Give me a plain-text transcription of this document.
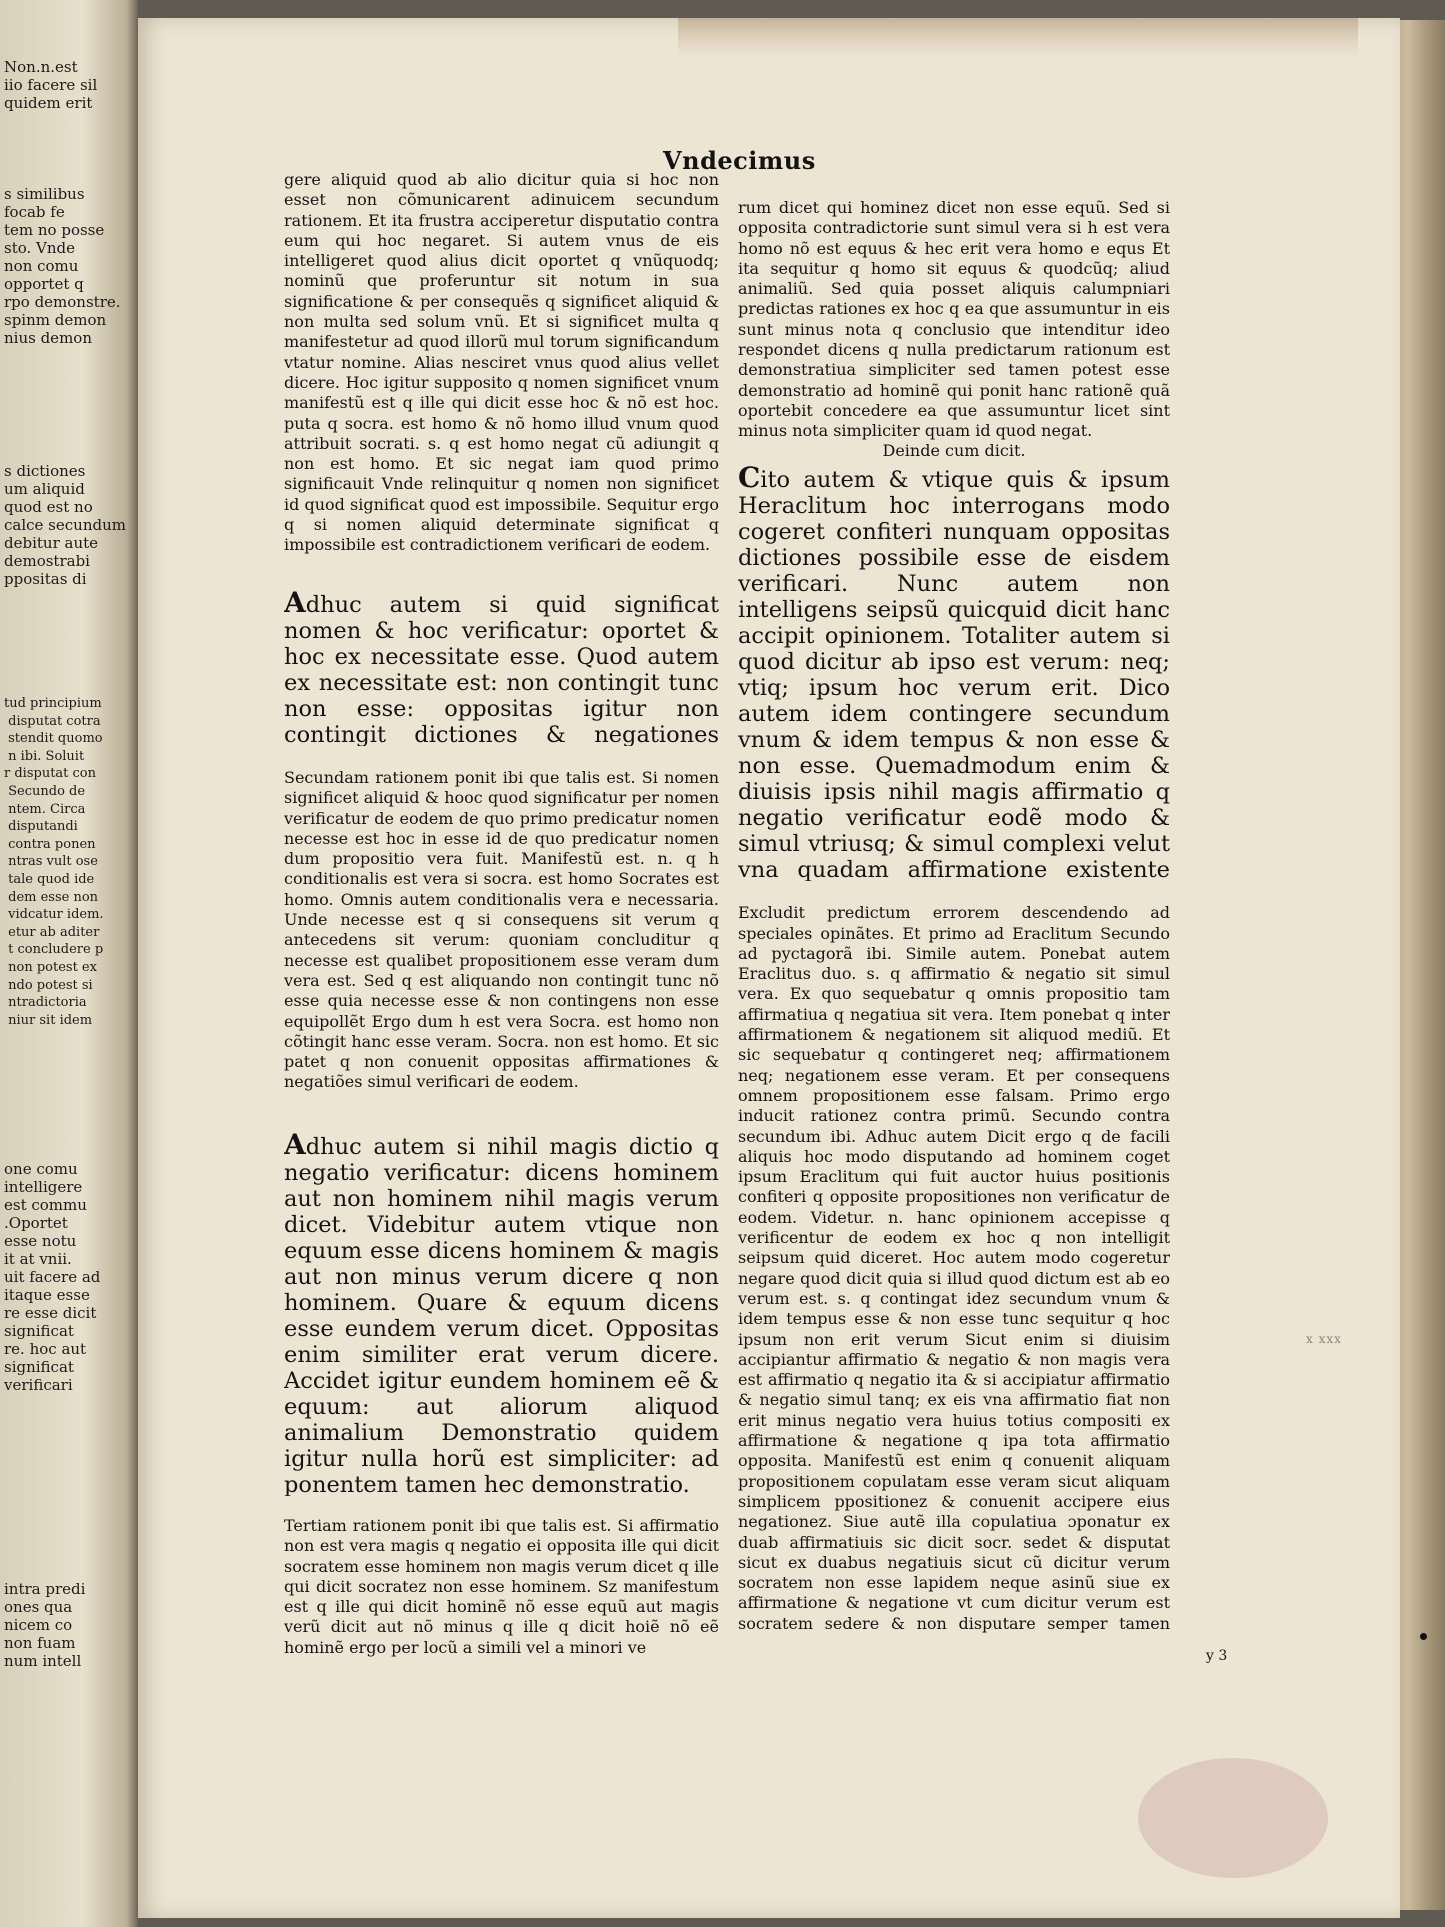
Non.n.est
iio facere sil
quidem erit
s similibus
focab fe
tem no posse
sto. Vnde
non comu
opportet q
rpo demonstre.
spinm demon
nius demon
s dictiones
um aliquid
quod est no
calce secundum
debitur aute
demostrabi
ppositas di
tud principium
disputat cotra
stendit quomo
n ibi. Soluit
r disputat con
Secundo de
ntem. Circa
disputandi
contra ponen
ntras vult ose
tale quod ide
dem esse non
vidcatur idem.
etur ab aditer
t concludere p
non potest ex
ndo potest si
ntradictoria
niur sit idem
one comu
intelligere
est commu
.Oportet
esse notu
it at vnii.
uit facere ad
itaque esse
re esse dicit
significat
re. hoc aut
significat
verificari
intra predi
ones qua
nicem co
non fuam
num intell
Vndecimus

gere aliquid quod ab alio dicitur quia si hoc non esset non cõmunicarent adinuicem secundum rationem. Et ita frustra acciperetur disputatio contra eum qui hoc negaret. Si autem vnus de eis intelligeret quod alius dicit oportet q vnũquodq; nominũ que proferuntur sit notum in sua significatione & per consequẽs q significet aliquid & non multa sed solum vnũ. Et si significet multa q manifestetur ad quod illorũ mul torum significandum vtatur nomine. Alias nesciret vnus quod alius vellet dicere. Hoc igitur supposito q nomen significet vnum manifestũ est q ille qui dicit esse hoc & nõ est hoc. puta q socra. est homo & nõ homo illud vnum quod attribuit socrati. s. q est homo negat cũ adiungit q non est homo. Et sic negat iam quod primo significauit Vnde relinquitur q nomen non significet id quod significat quod est impossibile. Sequitur ergo q si nomen aliquid determinate significat q impossibile est contradictionem verificari de eodem.

Adhuc autem si quid significat nomen & hoc verificatur: oportet & hoc ex necessitate esse. Quod autem ex necessitate est: non contingit tunc non esse: oppositas igitur non contingit dictiones & negationes

Secundam rationem ponit ibi que talis est. Si nomen significet aliquid & hooc quod significatur per nomen verificatur de eodem de quo primo predicatur nomen necesse est hoc in esse id de quo predicatur nomen dum propositio vera fuit. Manifestũ est. n. q h conditionalis est vera si socra. est homo Socrates est homo. Omnis autem conditionalis vera e necessaria. Unde necesse est q si consequens sit verum q antecedens sit verum: quoniam concluditur q necesse est qualibet propositionem esse veram dum vera est. Sed q est aliquando non contingit tunc nõ esse quia necesse esse & non contingens non esse equipollẽt Ergo dum h est vera Socra. est homo non cõtingit hanc esse veram. Socra. non est homo. Et sic patet q non conuenit oppositas affirmationes & negatiões simul verificari de eodem.

Adhuc autem si nihil magis dictio q negatio verificatur: dicens hominem aut non hominem nihil magis verum dicet. Videbitur autem vtique non equum esse dicens hominem & magis aut non minus verum dicere q non hominem. Quare & equum dicens esse eundem verum dicet. Oppositas enim similiter erat verum dicere. Accidet igitur eundem hominem eẽ & equum: aut aliorum aliquod animalium Demonstratio quidem igitur nulla horũ est simpliciter: ad ponentem tamen hec demonstratio.

Tertiam rationem ponit ibi que talis est. Si affirmatio non est vera magis q negatio ei opposita ille qui dicit socratem esse hominem non magis verum dicet q ille qui dicit socratez non esse hominem. Sz manifestum est q ille qui dicit hominẽ nõ esse equũ aut magis verũ dicit aut nõ minus q ille q dicit hoiẽ nõ eẽ hominẽ ergo per locũ a simili vel a minori ve

rum dicet qui hominez dicet non esse equũ. Sed si opposita contradictorie sunt simul vera si h est vera homo nõ est equus & hec erit vera homo e equs Et ita sequitur q homo sit equus & quodcũq; aliud animaliũ. Sed quia posset aliquis calumpniari predictas rationes ex hoc q ea que assumuntur in eis sunt minus nota q conclusio que intenditur ideo respondet dicens q nulla predictarum rationum est demonstratiua simpliciter sed tamen potest esse demonstratio ad hominẽ qui ponit hanc rationẽ quã oportebit concedere ea que assumuntur licet sint minus nota simpliciter quam id quod negat.

Deinde cum dicit.

Cito autem & vtique quis & ipsum Heraclitum hoc interrogans modo cogeret confiteri nunquam oppositas dictiones possibile esse de eisdem verificari. Nunc autem non intelligens seipsũ quicquid dicit hanc accipit opinionem. Totaliter autem si quod dicitur ab ipso est verum: neq; vtiq; ipsum hoc verum erit. Dico autem idem contingere secundum vnum & idem tempus & non esse & non esse. Quemadmodum enim & diuisis ipsis nihil magis affirmatio q negatio verificatur eodẽ modo & simul vtriusq; & simul complexi velut vna quadam affirmatione existente

Excludit predictum errorem descendendo ad speciales opinãtes. Et primo ad Eraclitum Secundo ad pyctagorã ibi. Simile autem. Ponebat autem Eraclitus duo. s. q affirmatio & negatio sit simul vera. Ex quo sequebatur q omnis propositio tam affirmatiua q negatiua sit vera. Item ponebat q inter affirmationem & negationem sit aliquod mediũ. Et sic sequebatur q contingeret neq; affirmationem neq; negationem esse veram. Et per consequens omnem propositionem esse falsam. Primo ergo inducit rationez contra primũ. Secundo contra secundum ibi. Adhuc autem Dicit ergo q de facili aliquis hoc modo disputando ad hominem coget ipsum Eraclitum qui fuit auctor huius positionis confiteri q opposite propositiones non verificatur de eodem. Videtur. n. hanc opinionem accepisse q verificentur de eodem ex hoc q non intelligit seipsum quid diceret. Hoc autem modo cogeretur negare quod dicit quia si illud quod dictum est ab eo verum est. s. q contingat idez secundum vnum & idem tempus esse & non esse tunc sequitur q hoc ipsum non erit verum Sicut enim si diuisim accipiantur affirmatio & negatio & non magis vera est affirmatio q negatio ita & si accipiatur affirmatio & negatio simul tanq; ex eis vna affirmatio fiat non erit minus negatio vera huius totius compositi ex affirmatione & negatione q ipa tota affirmatio opposita. Manifestũ est enim q conuenit aliquam propositionem copulatam esse veram sicut aliquam simplicem ppositionez & conuenit accipere eius negationez. Siue autẽ illa copulatiua ɔponatur ex duab affirmatiuis sic dicit socr. sedet & disputat sicut ex duabus negatiuis sicut cũ dicitur verum socratem non esse lapidem neque asinũ siue ex affirmatione & negatione vt cum dicitur verum est socratem sedere & non disputare semper tamen

y 3
x xxx
